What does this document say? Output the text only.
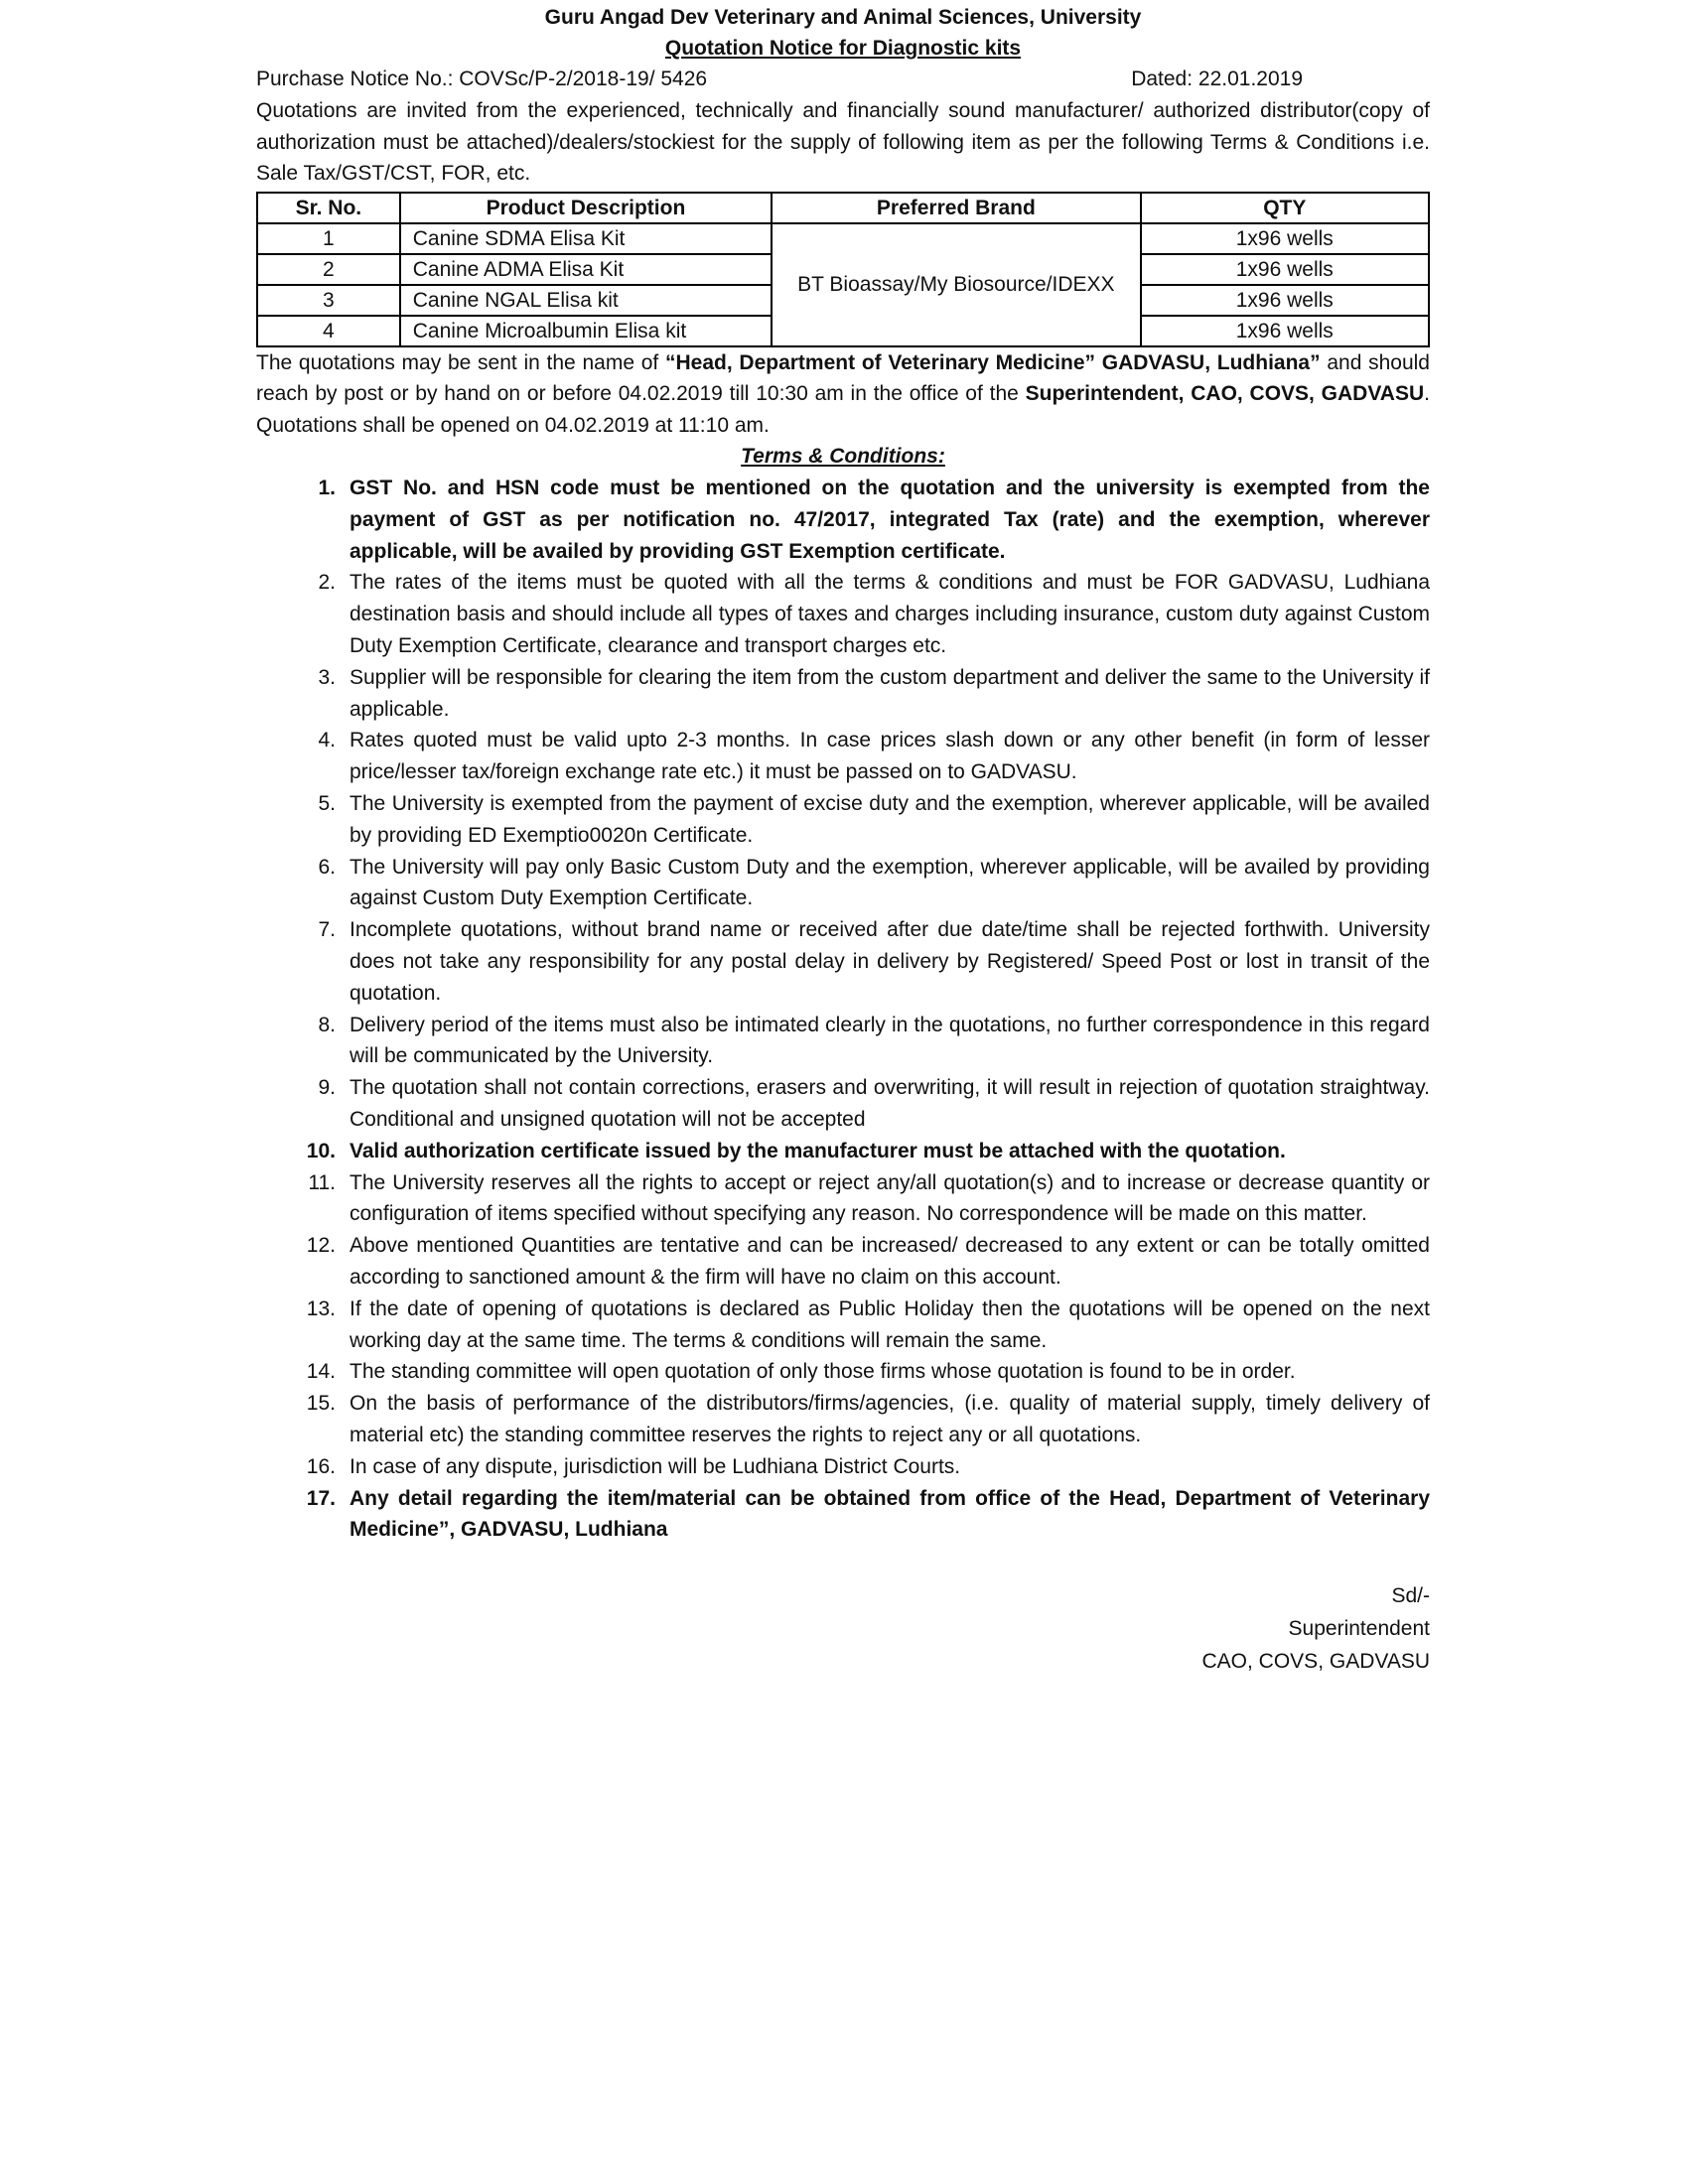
Guru Angad Dev Veterinary and Animal Sciences, University
Quotation Notice for Diagnostic kits
Purchase Notice No.: COVSc/P-2/2018-19/ 5426	Dated: 22.01.2019

Quotations are invited from the experienced, technically and financially sound manufacturer/ authorized distributor(copy of authorization must be attached)/dealers/stockiest for the supply of following item as per the following Terms & Conditions i.e. Sale Tax/GST/CST, FOR, etc.

Sr. No.	Product Description	Preferred Brand	QTY
1	Canine SDMA Elisa Kit	BT Bioassay/My Biosource/IDEXX	1x96 wells
2	Canine ADMA Elisa Kit		1x96 wells
3	Canine NGAL Elisa kit		1x96 wells
4	Canine Microalbumin Elisa kit		1x96 wells

The quotations may be sent in the name of “Head, Department of Veterinary Medicine” GADVASU, Ludhiana” and should reach by post or by hand on or before 04.02.2019 till 10:30 am in the office of the Superintendent, CAO, COVS, GADVASU. Quotations shall be opened on 04.02.2019 at 11:10 am.

Terms & Conditions:
1. GST No. and HSN code must be mentioned on the quotation and the university is exempted from the payment of GST as per notification no. 47/2017, integrated Tax (rate) and the exemption, wherever applicable, will be availed by providing GST Exemption certificate.
2. The rates of the items must be quoted with all the terms & conditions and must be FOR GADVASU, Ludhiana destination basis and should include all types of taxes and charges including insurance, custom duty against Custom Duty Exemption Certificate, clearance and transport charges etc.
3. Supplier will be responsible for clearing the item from the custom department and deliver the same to the University if applicable.
4. Rates quoted must be valid upto 2-3 months. In case prices slash down or any other benefit (in form of lesser price/lesser tax/foreign exchange rate etc.) it must be passed on to GADVASU.
5. The University is exempted from the payment of excise duty and the exemption, wherever applicable, will be availed by providing ED Exemptio0020n Certificate.
6. The University will pay only Basic Custom Duty and the exemption, wherever applicable, will be availed by providing against Custom Duty Exemption Certificate.
7. Incomplete quotations, without brand name or received after due date/time shall be rejected forthwith. University does not take any responsibility for any postal delay in delivery by Registered/ Speed Post or lost in transit of the quotation.
8. Delivery period of the items must also be intimated clearly in the quotations, no further correspondence in this regard will be communicated by the University.
9. The quotation shall not contain corrections, erasers and overwriting, it will result in rejection of quotation straightway. Conditional and unsigned quotation will not be accepted
10. Valid authorization certificate issued by the manufacturer must be attached with the quotation.
11. The University reserves all the rights to accept or reject any/all quotation(s) and to increase or decrease quantity or configuration of items specified without specifying any reason. No correspondence will be made on this matter.
12. Above mentioned Quantities are tentative and can be increased/ decreased to any extent or can be totally omitted according to sanctioned amount & the firm will have no claim on this account.
13. If the date of opening of quotations is declared as Public Holiday then the quotations will be opened on the next working day at the same time. The terms & conditions will remain the same.
14. The standing committee will open quotation of only those firms whose quotation is found to be in order.
15. On the basis of performance of the distributors/firms/agencies, (i.e. quality of material supply, timely delivery of material etc) the standing committee reserves the rights to reject any or all quotations.
16. In case of any dispute, jurisdiction will be Ludhiana District Courts.
17. Any detail regarding the item/material can be obtained from office of the Head, Department of Veterinary Medicine”, GADVASU, Ludhiana
Sd/-
Superintendent
CAO, COVS, GADVASU
